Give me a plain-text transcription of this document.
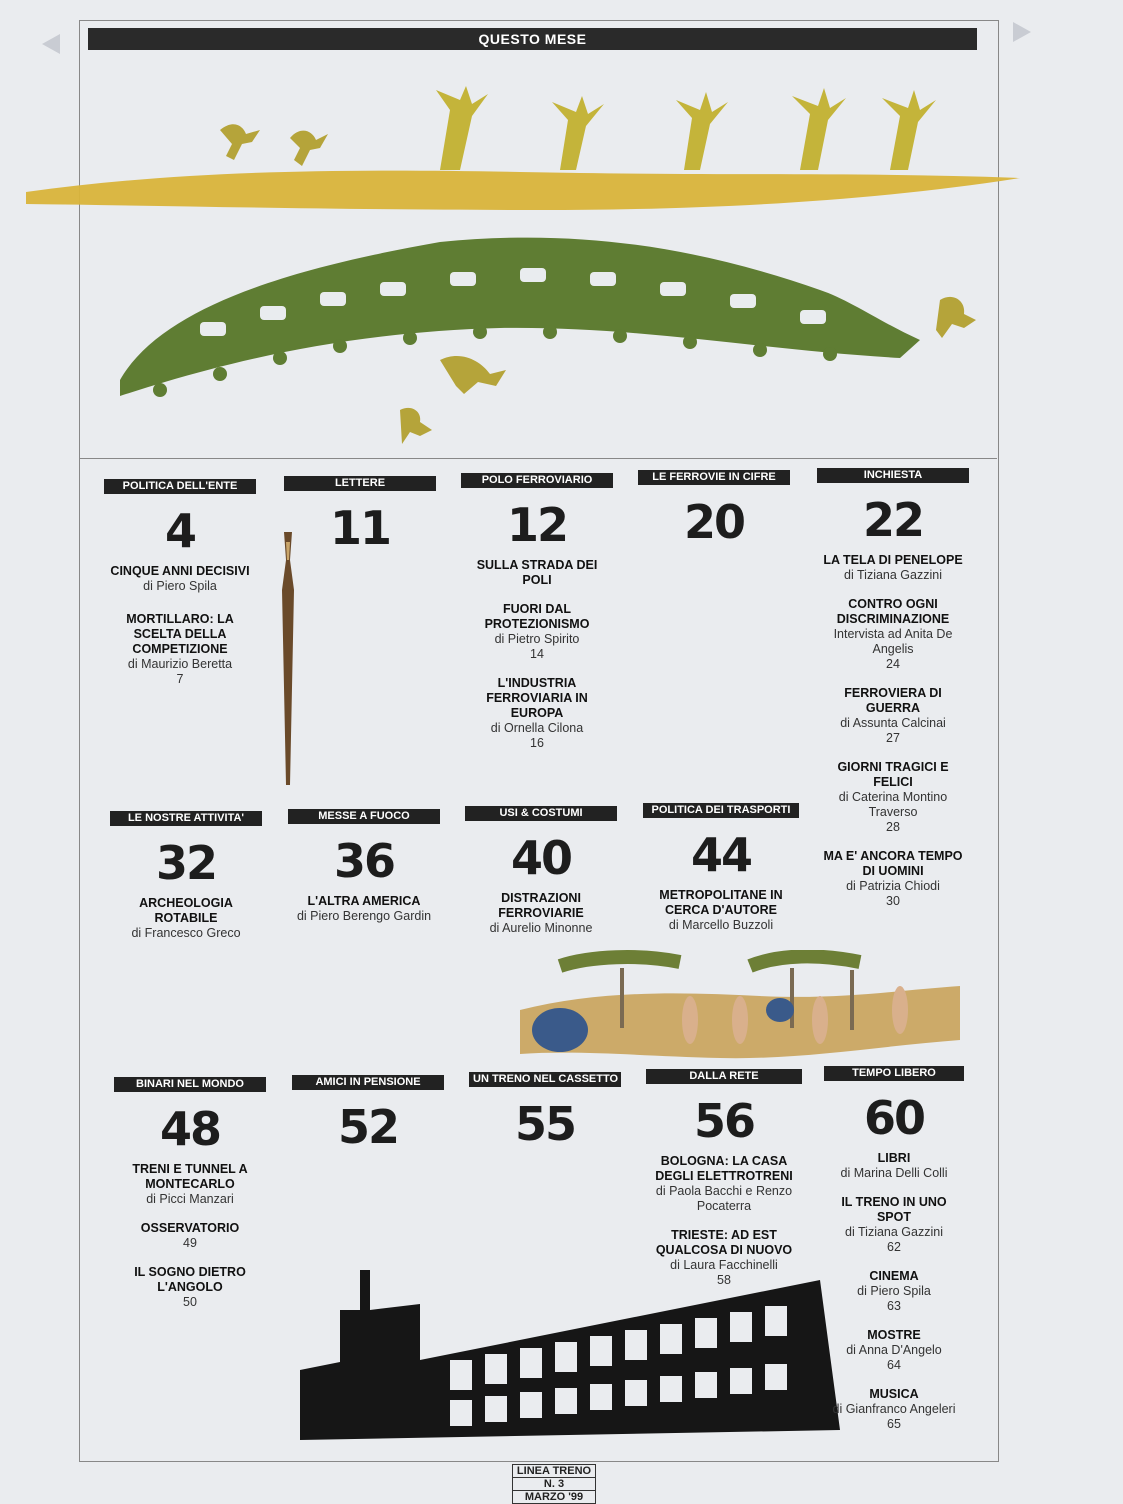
QUESTO MESE
POLITICA DELL'ENTE
4
CINQUE ANNI DECISIVI
di Piero Spila
MORTILLARO: LA SCELTA DELLA COMPETIZIONE
di Maurizio Beretta
7
LETTERE
11
POLO FERROVIARIO
12
SULLA STRADA DEI POLI
FUORI DAL PROTEZIONISMO
di Pietro Spirito
14
L'INDUSTRIA FERROVIARIA IN EUROPA
di Ornella Cilona
16
LE FERROVIE IN CIFRE
20
INCHIESTA
22
LA TELA DI PENELOPE
di Tiziana Gazzini
CONTRO OGNI DISCRIMINAZIONE
Intervista ad Anita De Angelis
24
FERROVIERA DI GUERRA
di Assunta Calcinai
27
GIORNI TRAGICI E FELICI
di Caterina Montino Traverso
28
MA E' ANCORA TEMPO DI UOMINI
di Patrizia Chiodi
30
LE NOSTRE ATTIVITA'
32
ARCHEOLOGIA ROTABILE
di Francesco Greco
MESSE A FUOCO
36
L'ALTRA AMERICA
di Piero Berengo Gardin
USI & COSTUMI
40
DISTRAZIONI FERROVIARIE
di Aurelio Minonne
POLITICA DEI TRASPORTI
44
METROPOLITANE IN CERCA D'AUTORE
di Marcello Buzzoli
BINARI NEL MONDO
48
TRENI E TUNNEL A MONTECARLO
di Picci Manzari
OSSERVATORIO
49
IL SOGNO DIETRO L'ANGOLO
50
AMICI IN PENSIONE
52
UN TRENO NEL CASSETTO
55
DALLA RETE
56
BOLOGNA: LA CASA DEGLI ELETTROTRENI
di Paola Bacchi e Renzo Pocaterra
TRIESTE: AD EST QUALCOSA DI NUOVO
di Laura Facchinelli
58
TEMPO LIBERO
60
LIBRI
di Marina Delli Colli
IL TRENO IN UNO SPOT
di Tiziana Gazzini
62
CINEMA
di Piero Spila
63
MOSTRE
di Anna D'Angelo
64
MUSICA
di Gianfranco Angeleri
65
LINEA TRENO
N. 3
MARZO '99
